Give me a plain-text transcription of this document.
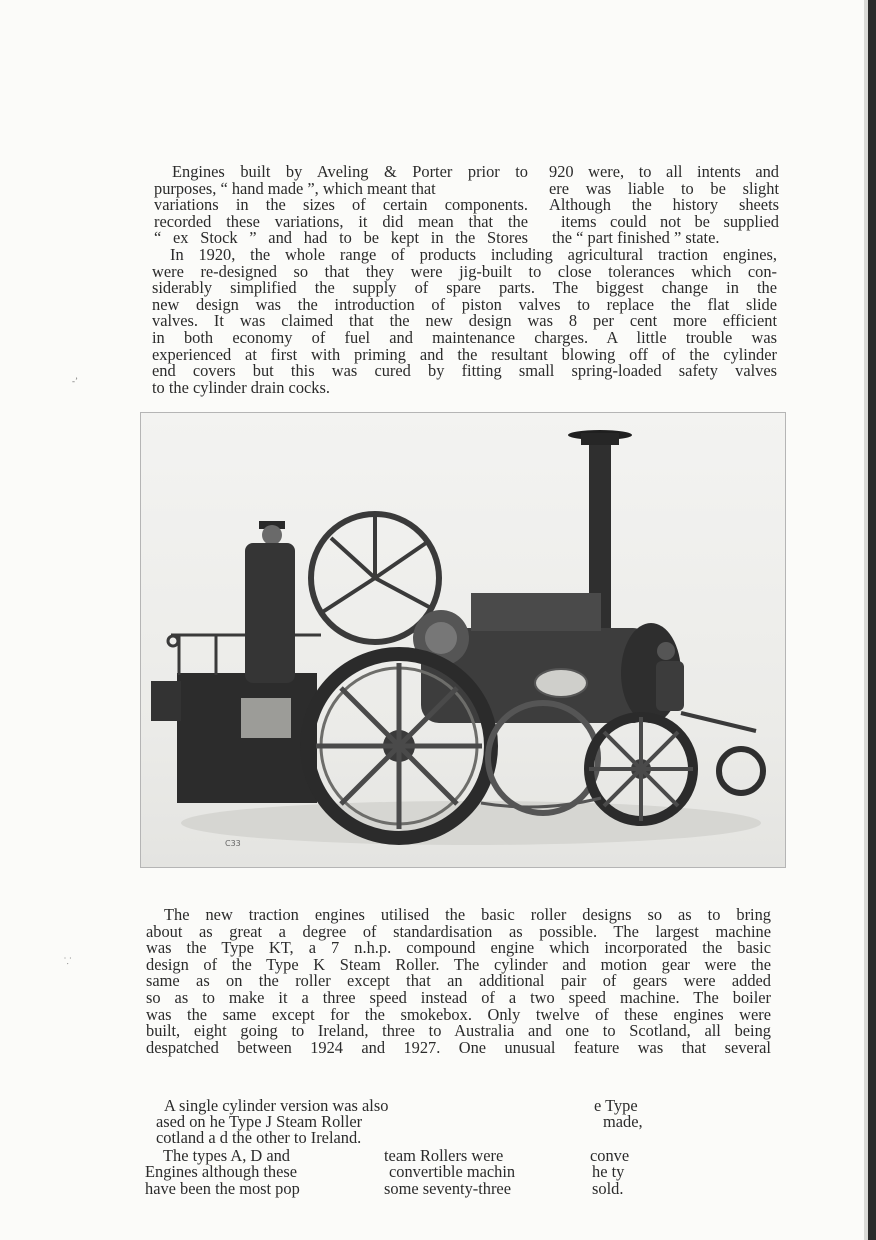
-’
⸪
Engines built by Aveling & Porter prior to
purposes, “ hand made ”, which meant that
variations in the sizes of certain components.
recorded these variations, it did mean that the
“ ex Stock ” and had to be kept in the Stores
920 were, to all intents and
ere was liable to be slight
Although the history sheets
items could not be supplied
the “ part finished ” state.
In 1920, the whole range of products including agricultural traction engines,
were re-designed so that they were jig-built to close tolerances which con-
siderably simplified the supply of spare parts. The biggest change in the
new design was the introduction of piston valves to replace the flat slide
valves. It was claimed that the new design was 8 per cent more efficient
in both economy of fuel and maintenance charges. A little trouble was
experienced at first with priming and the resultant blowing off of the cylinder
end covers but this was cured by fitting small spring-loaded safety valves
to the cylinder drain cocks.
C33
The new traction engines utilised the basic roller designs so as to bring
about as great a degree of standardisation as possible. The largest machine
was the Type KT, a 7 n.h.p. compound engine which incorporated the basic
design of the Type K Steam Roller. The cylinder and motion gear were the
same as on the roller except that an additional pair of gears were added
so as to make it a three speed instead of a two speed machine. The boiler
was the same except for the smokebox. Only twelve of these engines were
built, eight going to Ireland, three to Australia and one to Scotland, all being
despatched between 1924 and 1927. One unusual feature was that several
A single cylinder version was also	e Type
ased on he Type J Steam Roller	made,
cotland a d the other to Ireland.
The types A, D and	team Rollers were	conve
Engines although these	convertible machin	he ty
have been the most pop	some seventy-three	sold.
